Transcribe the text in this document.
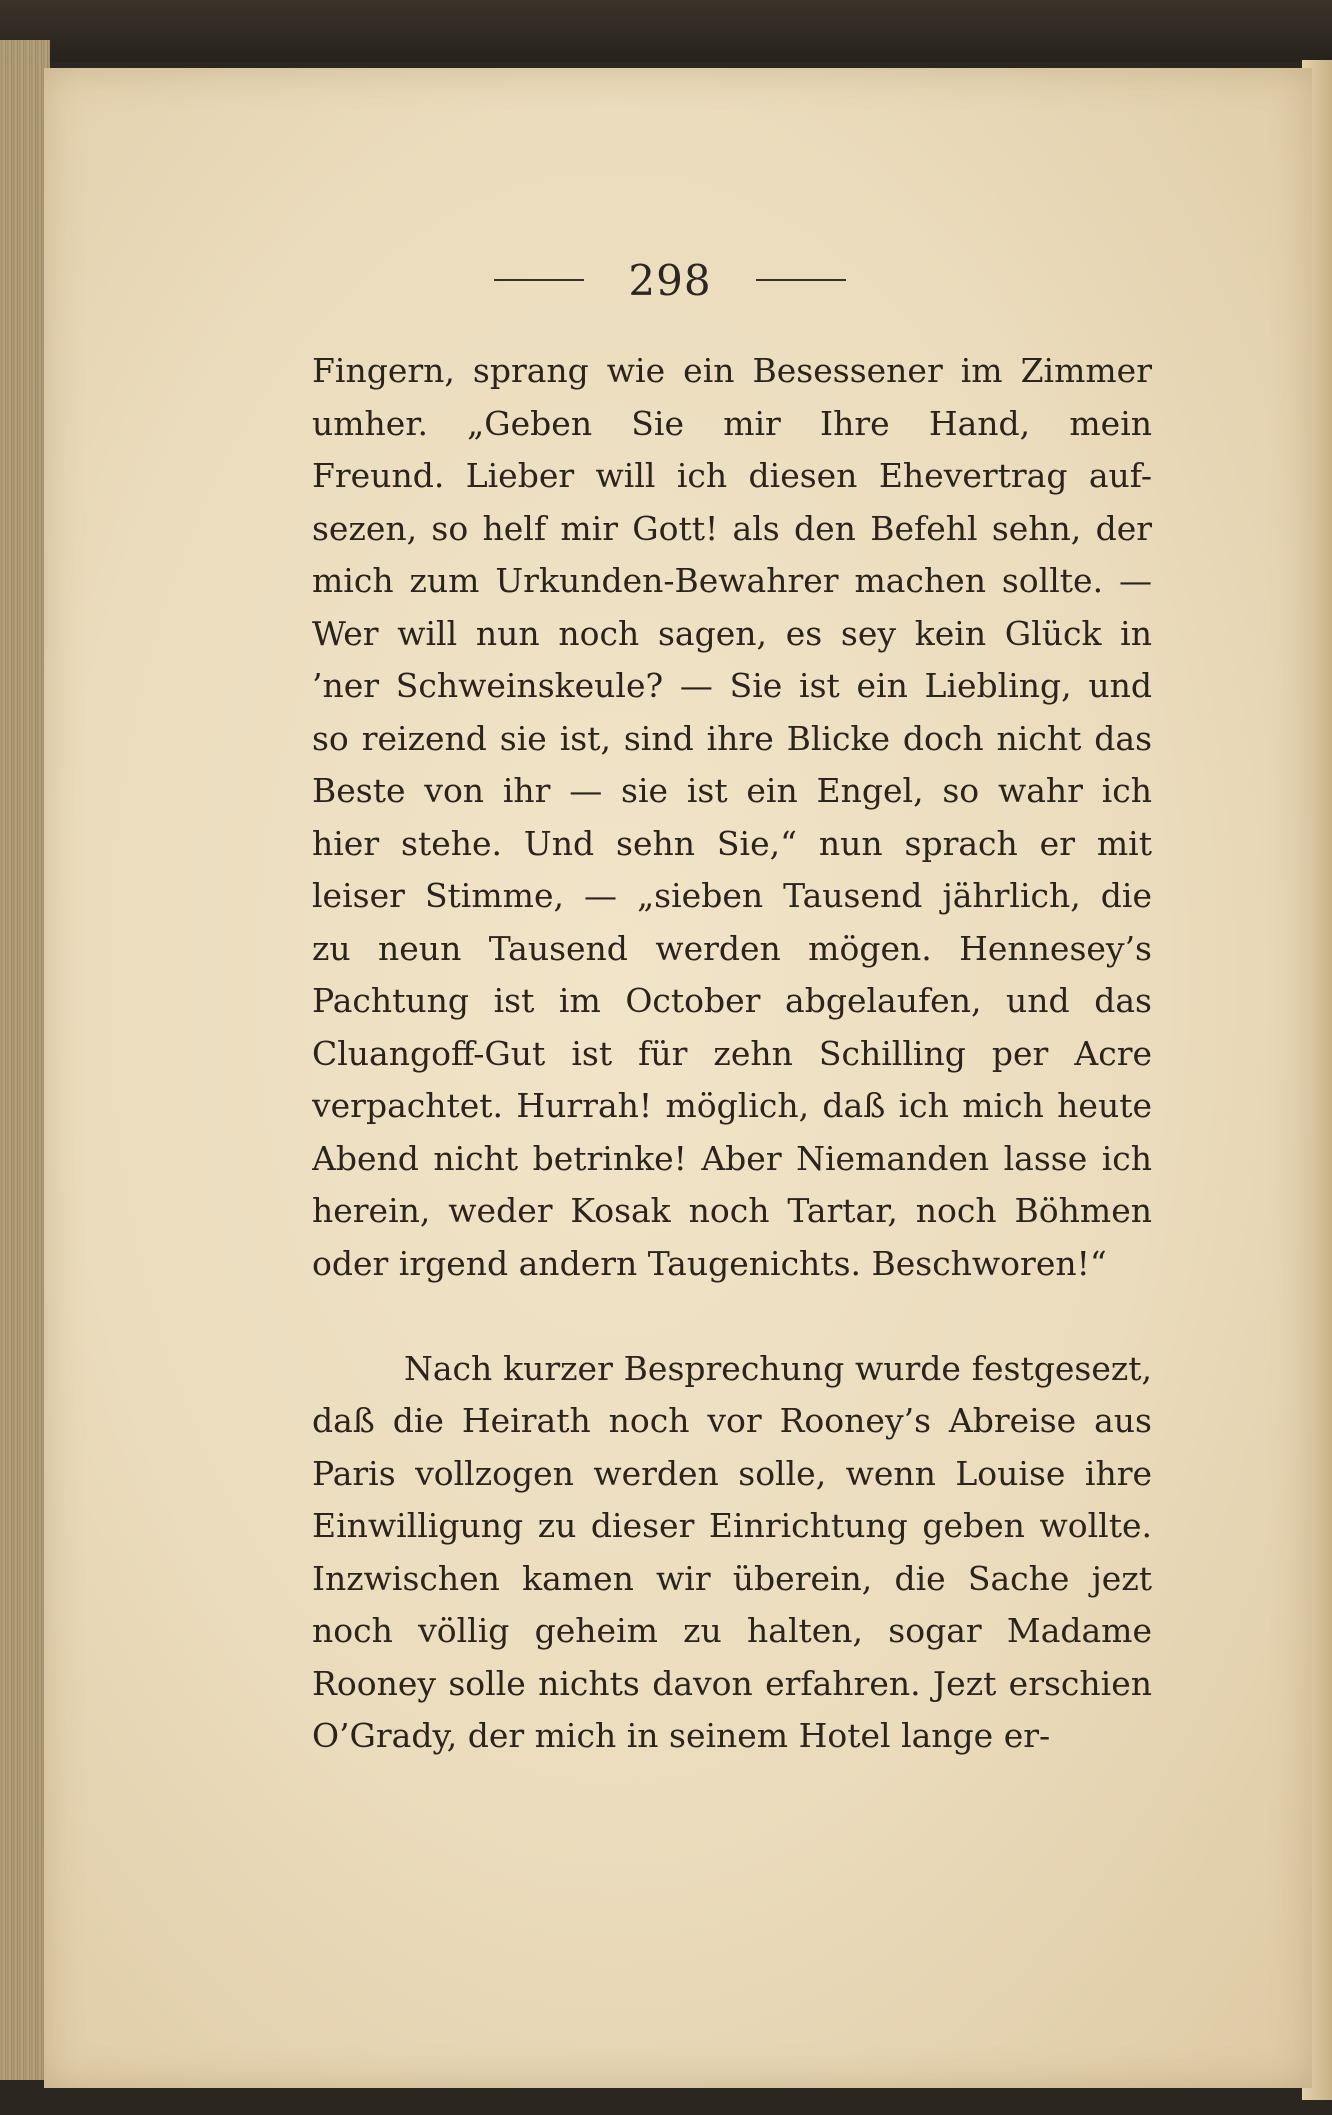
298
Fingern, sprang wie ein Besessener im Zimmer
umher. „Geben Sie mir Ihre Hand, mein
Freund. Lieber will ich diesen Ehevertrag auf-
sezen, so helf mir Gott! als den Befehl sehn, der
mich zum Urkunden-Bewahrer machen sollte. —
Wer will nun noch sagen, es sey kein Glück in
’ner Schweinskeule? — Sie ist ein Liebling, und
so reizend sie ist, sind ihre Blicke doch nicht das
Beste von ihr — sie ist ein Engel, so wahr ich
hier stehe. Und sehn Sie,“ nun sprach er mit
leiser Stimme, — „sieben Tausend jährlich, die
zu neun Tausend werden mögen. Hennesey’s
Pachtung ist im October abgelaufen, und das
Cluangoff-Gut ist für zehn Schilling per Acre
verpachtet. Hurrah! möglich, daß ich mich heute
Abend nicht betrinke! Aber Niemanden lasse ich
herein, weder Kosak noch Tartar, noch Böhmen
oder irgend andern Taugenichts. Beschworen!“
Nach kurzer Besprechung wurde festgesezt,
daß die Heirath noch vor Rooney’s Abreise aus
Paris vollzogen werden solle, wenn Louise ihre
Einwilligung zu dieser Einrichtung geben wollte.
Inzwischen kamen wir überein, die Sache jezt
noch völlig geheim zu halten, sogar Madame
Rooney solle nichts davon erfahren. Jezt erschien
O’Grady, der mich in seinem Hotel lange er-
